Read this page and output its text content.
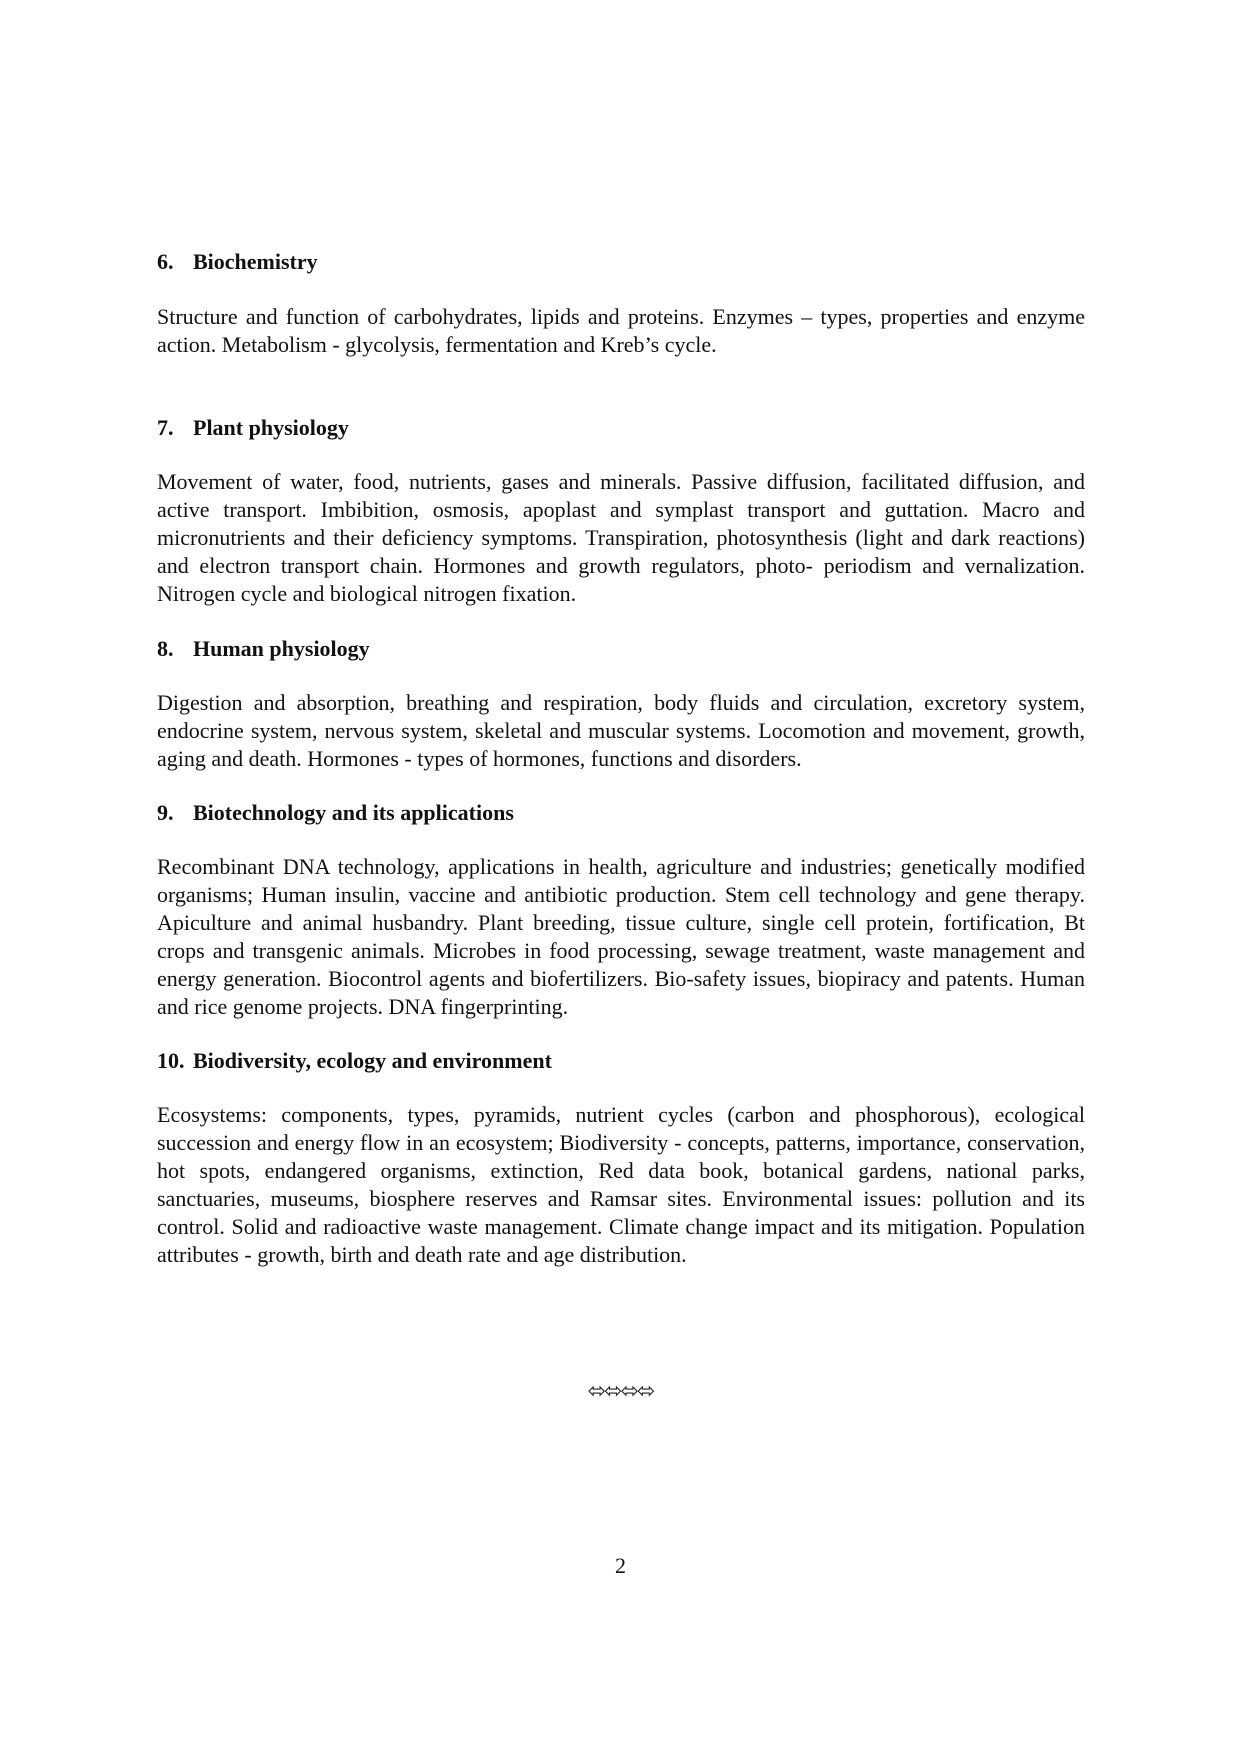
6. Biochemistry

Structure and function of carbohydrates, lipids and proteins. Enzymes – types, properties and enzyme action. Metabolism - glycolysis, fermentation and Kreb’s cycle.

7. Plant physiology

Movement of water, food, nutrients, gases and minerals. Passive diffusion, facilitated diffusion, and active transport. Imbibition, osmosis, apoplast and symplast transport and guttation. Macro and micronutrients and their deficiency symptoms. Transpiration, photosynthesis (light and dark reactions) and electron transport chain. Hormones and growth regulators, photo- periodism and vernalization. Nitrogen cycle and biological nitrogen fixation.

8. Human physiology

Digestion and absorption, breathing and respiration, body fluids and circulation, excretory system, endocrine system, nervous system, skeletal and muscular systems. Locomotion and movement, growth, aging and death. Hormones - types of hormones, functions and disorders.

9. Biotechnology and its applications

Recombinant DNA technology, applications in health, agriculture and industries; genetically modified organisms; Human insulin, vaccine and antibiotic production. Stem cell technology and gene therapy. Apiculture and animal husbandry. Plant breeding, tissue culture, single cell protein, fortification, Bt crops and transgenic animals. Microbes in food processing, sewage treatment, waste management and energy generation. Biocontrol agents and biofertilizers. Bio-safety issues, biopiracy and patents. Human and rice genome projects. DNA fingerprinting.

10. Biodiversity, ecology and environment

Ecosystems: components, types, pyramids, nutrient cycles (carbon and phosphorous), ecological succession and energy flow in an ecosystem; Biodiversity - concepts, patterns, importance, conservation, hot spots, endangered organisms, extinction, Red data book, botanical gardens, national parks, sanctuaries, museums, biosphere reserves and Ramsar sites. Environmental issues: pollution and its control. Solid and radioactive waste management. Climate change impact and its mitigation. Population attributes - growth, birth and death rate and age distribution.

⬄⬄⬄⬄
2
